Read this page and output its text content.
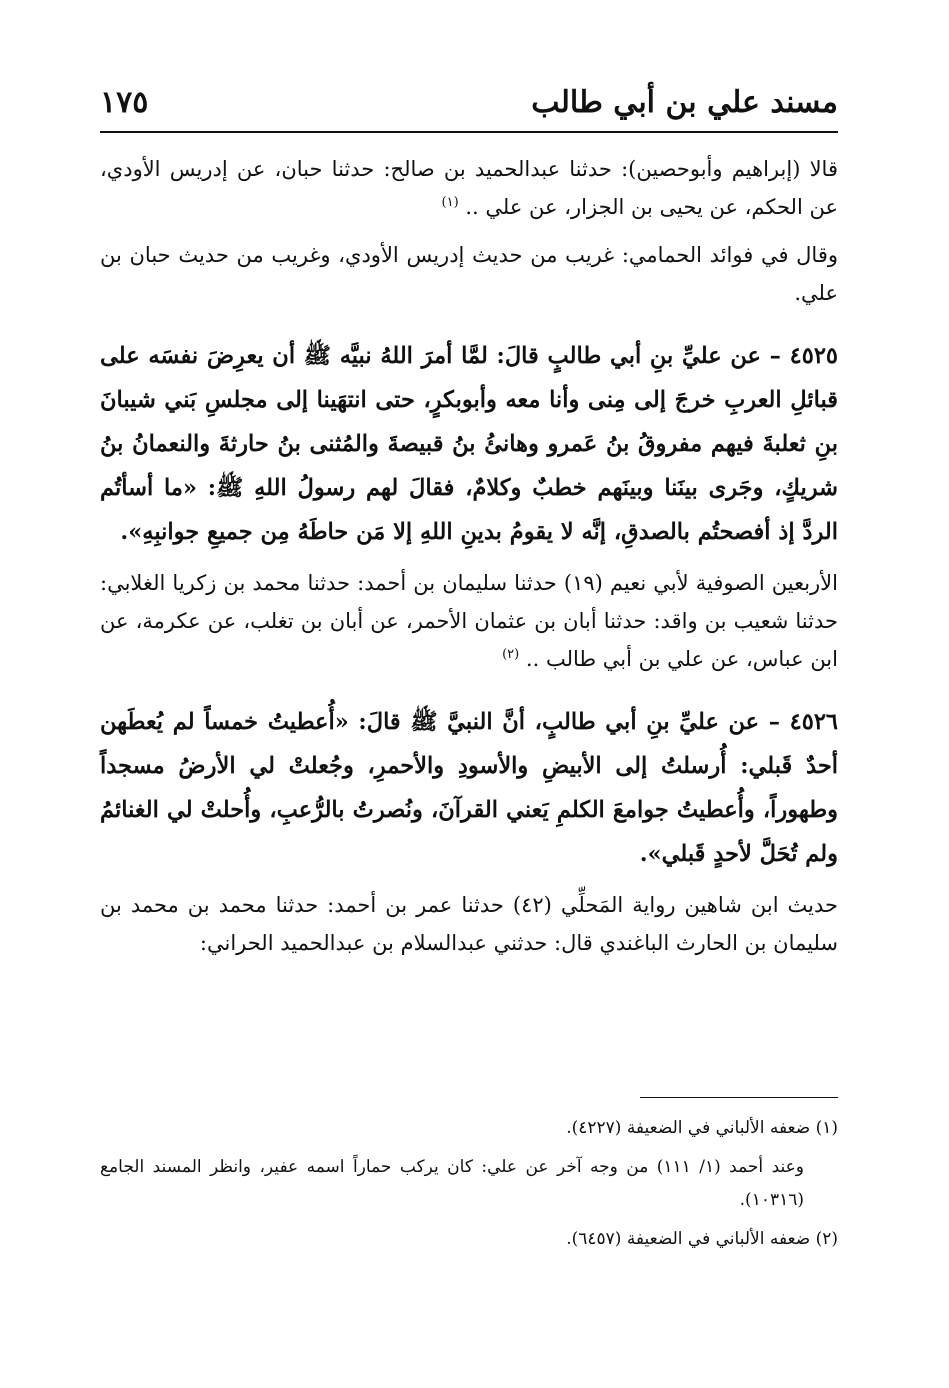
مسند علي بن أبي طالب
١٧٥

قالا (إبراهيم وأبوحصين): حدثنا عبدالحميد بن صالح: حدثنا حبان، عن إدريس الأودي، عن الحكم، عن يحيى بن الجزار، عن علي .. $^{(١)}$

وقال في فوائد الحمامي: غريب من حديث إدريس الأودي، وغريب من حديث حبان بن علي.

٤٥٢٥ – عن عليِّ بنِ أبي طالبٍ قالَ: لمَّا أمرَ اللهُ نبيَّه ﷺ أن يعرِضَ نفسَه على قبائلِ العربِ خرجَ إلى مِنى وأنا معه وأبوبكرٍ، حتى انتهَينا إلى مجلسِ بَني شيبانَ بنِ ثعلبةَ فيهم مفروقُ بنُ عَمرو وهانئُ بنُ قبيصةَ والمُثنى بنُ حارثةَ والنعمانُ بنُ شريكٍ، وجَرى بينَنا وبينَهم خطبٌ وكلامٌ، فقالَ لهم رسولُ اللهِ ﷺ: «ما أسأتُم الردَّ إذ أفصحتُم بالصدقِ، إنَّه لا يقومُ بدينِ اللهِ إلا مَن حاطَهُ مِن جميعِ جوانبِهِ».

الأربعين الصوفية لأبي نعيم (١٩) حدثنا سليمان بن أحمد: حدثنا محمد بن زكريا الغلابي: حدثنا شعيب بن واقد: حدثنا أبان بن عثمان الأحمر، عن أبان بن تغلب، عن عكرمة، عن ابن عباس، عن علي بن أبي طالب .. $^{(٢)}$

٤٥٢٦ – عن عليِّ بنِ أبي طالبٍ، أنَّ النبيَّ ﷺ قالَ: «أُعطيتُ خمساً لم يُعطَهن أحدٌ قَبلي: أُرسلتُ إلى الأبيضِ والأسودِ والأحمرِ، وجُعلتْ لي الأرضُ مسجداً وطهوراً، وأُعطيتُ جوامعَ الكلمِ يَعني القرآنَ، ونُصرتُ بالرُّعبِ، وأُحلتْ لي الغنائمُ ولم تُحَلَّ لأحدٍ قَبلي».

حديث ابن شاهين رواية المَحلِّي (٤٢) حدثنا عمر بن أحمد: حدثنا محمد بن محمد بن سليمان بن الحارث الباغندي قال: حدثني عبدالسلام بن عبدالحميد الحراني:

(١) ضعفه الألباني في الضعيفة (٤٢٢٧).

وعند أحمد (١/ ١١١) من وجه آخر عن علي: كان يركب حماراً اسمه عفير، وانظر المسند الجامع (١٠٣١٦).

(٢) ضعفه الألباني في الضعيفة (٦٤٥٧).
